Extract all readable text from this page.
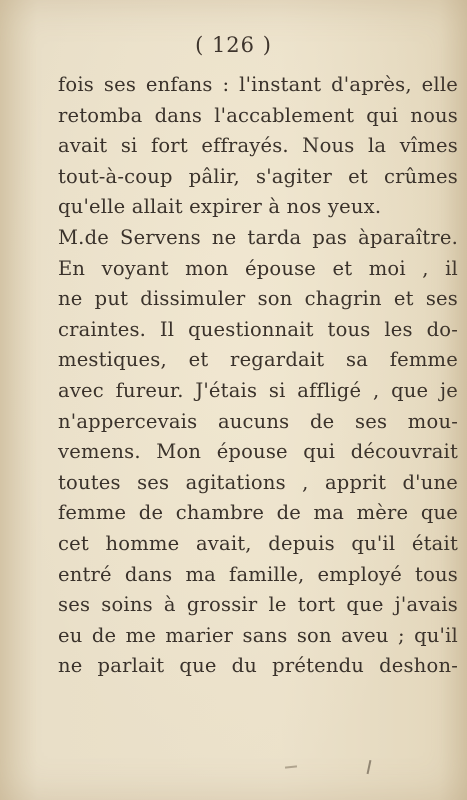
( 126 )
fois ses enfans : l'instant d'après, elle
retomba dans l'accablement qui nous
avait si fort effrayés. Nous la vîmes
tout-à-coup pâlir, s'agiter et crûmes
qu'elle allait expirer à nos yeux.
M.de Servens ne tarda pas àparaître.
En voyant mon épouse et moi , il
ne put dissimuler son chagrin et ses
craintes. Il questionnait tous les do-
mestiques, et regardait sa femme
avec fureur. J'étais si affligé , que je
n'appercevais aucuns de ses mou-
vemens. Mon épouse qui découvrait
toutes ses agitations , apprit d'une
femme de chambre de ma mère que
cet homme avait, depuis qu'il était
entré dans ma famille, employé tous
ses soins à grossir le tort que j'avais
eu de me marier sans son aveu ; qu'il
ne parlait que du prétendu deshon-
